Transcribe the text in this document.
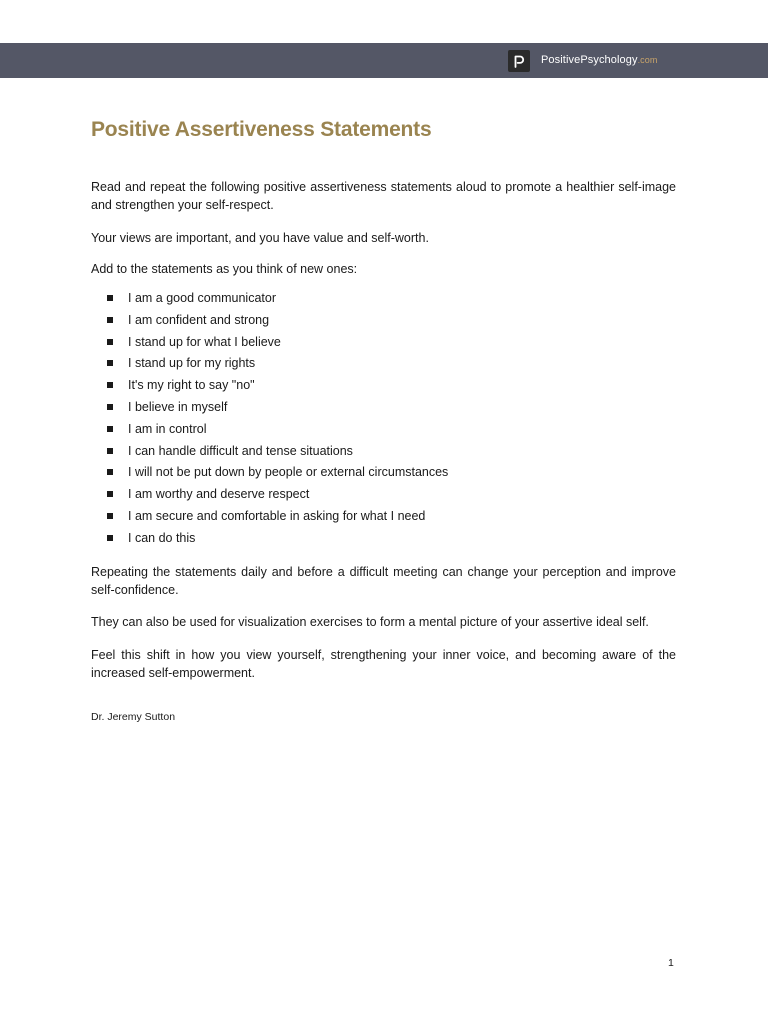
PositivePsychology.com
Positive Assertiveness Statements

Read and repeat the following positive assertiveness statements aloud to promote a healthier self-image and strengthen your self-respect.

Your views are important, and you have value and self-worth.

Add to the statements as you think of new ones:

I am a good communicator
I am confident and strong
I stand up for what I believe
I stand up for my rights
It's my right to say "no"
I believe in myself
I am in control
I can handle difficult and tense situations
I will not be put down by people or external circumstances
I am worthy and deserve respect
I am secure and comfortable in asking for what I need
I can do this

Repeating the statements daily and before a difficult meeting can change your perception and improve self-confidence.

They can also be used for visualization exercises to form a mental picture of your assertive ideal self.

Feel this shift in how you view yourself, strengthening your inner voice, and becoming aware of the increased self-empowerment.

Dr. Jeremy Sutton

1
